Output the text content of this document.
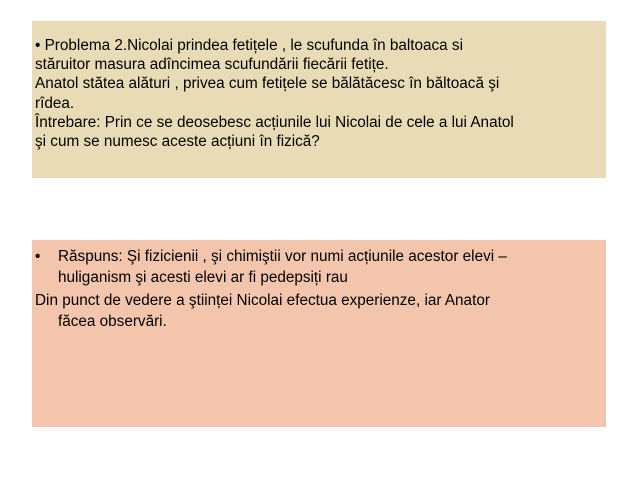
• Problema 2.Nicolai prindea fetițele , le scufunda în baltoaca si
stăruitor masura adîncimea scufundării fiecării fetițe.
Anatol stătea alături , privea cum fetițele se bălătăcesc în băltoacă şi
rîdea.
Întrebare: Prin ce se deosebesc acțiunile lui Nicolai de cele a lui Anatol
şi cum se numesc aceste acțiuni în fizică?
•	Răspuns: Şi fizicienii , şi chimiştii vor numi acțiunile acestor elevi –
huliganism şi acesti elevi ar fi pedepsiți rau
Din punct de vedere a ştiinței Nicolai efectua experienze, iar Anator
făcea observări.
